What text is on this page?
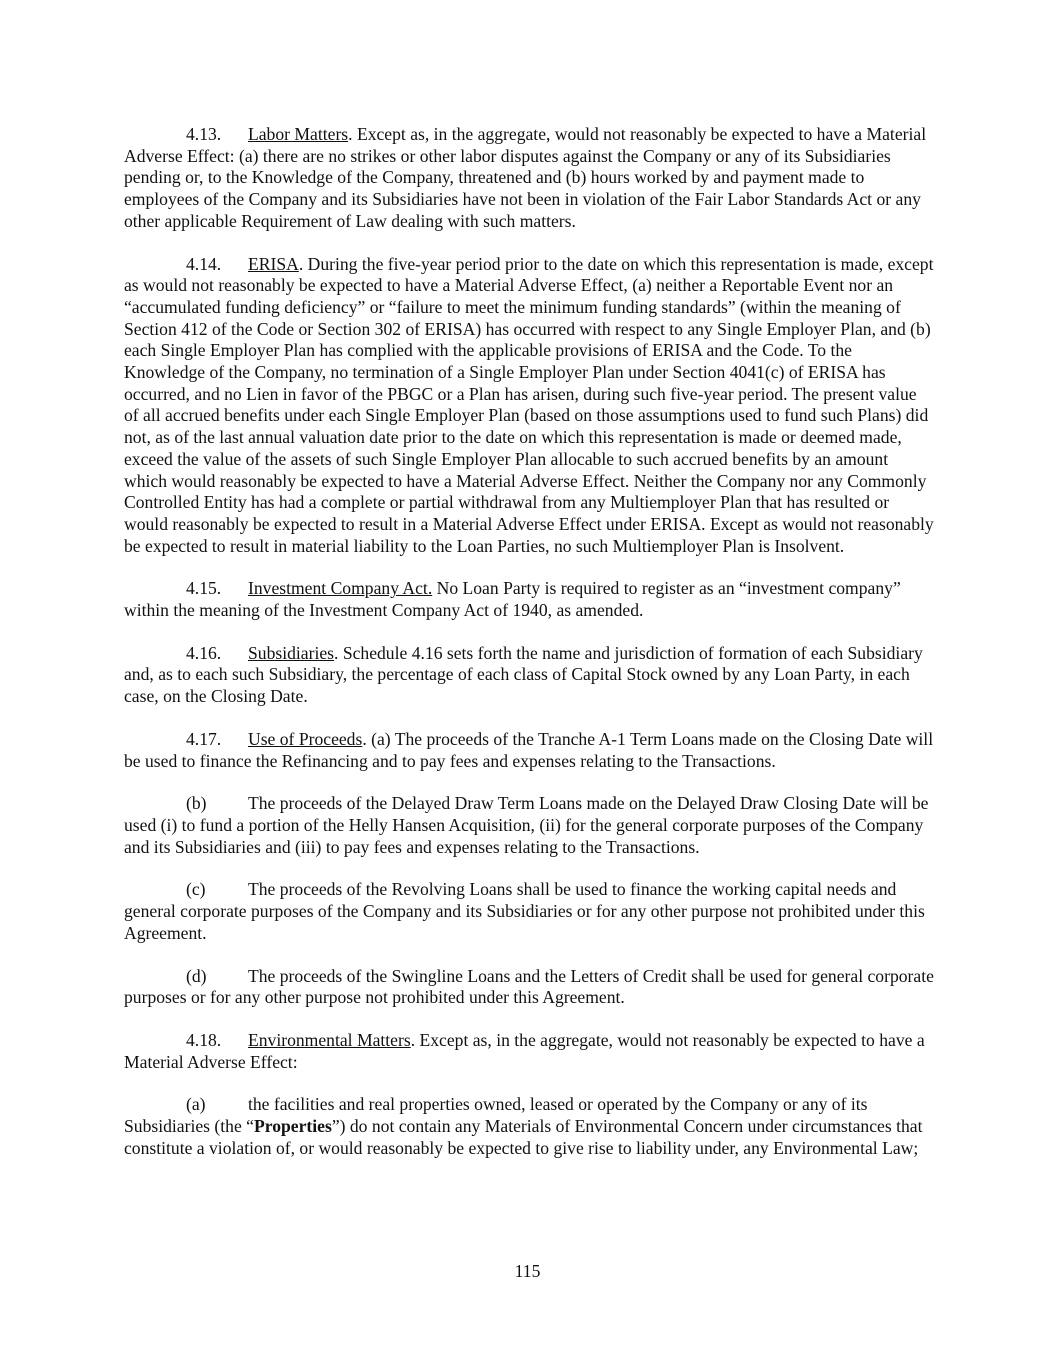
4.13. Labor Matters. Except as, in the aggregate, would not reasonably be expected to have a Material Adverse Effect: (a) there are no strikes or other labor disputes against the Company or any of its Subsidiaries pending or, to the Knowledge of the Company, threatened and (b) hours worked by and payment made to employees of the Company and its Subsidiaries have not been in violation of the Fair Labor Standards Act or any other applicable Requirement of Law dealing with such matters.

4.14. ERISA. During the five-year period prior to the date on which this representation is made, except as would not reasonably be expected to have a Material Adverse Effect, (a) neither a Reportable Event nor an “accumulated funding deficiency” or “failure to meet the minimum funding standards” (within the meaning of Section 412 of the Code or Section 302 of ERISA) has occurred with respect to any Single Employer Plan, and (b) each Single Employer Plan has complied with the applicable provisions of ERISA and the Code. To the Knowledge of the Company, no termination of a Single Employer Plan under Section 4041(c) of ERISA has occurred, and no Lien in favor of the PBGC or a Plan has arisen, during such five-year period. The present value of all accrued benefits under each Single Employer Plan (based on those assumptions used to fund such Plans) did not, as of the last annual valuation date prior to the date on which this representation is made or deemed made, exceed the value of the assets of such Single Employer Plan allocable to such accrued benefits by an amount which would reasonably be expected to have a Material Adverse Effect. Neither the Company nor any Commonly Controlled Entity has had a complete or partial withdrawal from any Multiemployer Plan that has resulted or would reasonably be expected to result in a Material Adverse Effect under ERISA. Except as would not reasonably be expected to result in material liability to the Loan Parties, no such Multiemployer Plan is Insolvent.

4.15. Investment Company Act. No Loan Party is required to register as an “investment company” within the meaning of the Investment Company Act of 1940, as amended.

4.16. Subsidiaries. Schedule 4.16 sets forth the name and jurisdiction of formation of each Subsidiary and, as to each such Subsidiary, the percentage of each class of Capital Stock owned by any Loan Party, in each case, on the Closing Date.

4.17. Use of Proceeds. (a) The proceeds of the Tranche A-1 Term Loans made on the Closing Date will be used to finance the Refinancing and to pay fees and expenses relating to the Transactions.

(b) The proceeds of the Delayed Draw Term Loans made on the Delayed Draw Closing Date will be used (i) to fund a portion of the Helly Hansen Acquisition, (ii) for the general corporate purposes of the Company and its Subsidiaries and (iii) to pay fees and expenses relating to the Transactions.

(c) The proceeds of the Revolving Loans shall be used to finance the working capital needs and general corporate purposes of the Company and its Subsidiaries or for any other purpose not prohibited under this Agreement.

(d) The proceeds of the Swingline Loans and the Letters of Credit shall be used for general corporate purposes or for any other purpose not prohibited under this Agreement.

4.18. Environmental Matters. Except as, in the aggregate, would not reasonably be expected to have a Material Adverse Effect:

(a) the facilities and real properties owned, leased or operated by the Company or any of its Subsidiaries (the “Properties”) do not contain any Materials of Environmental Concern under circumstances that constitute a violation of, or would reasonably be expected to give rise to liability under, any Environmental Law;

115
